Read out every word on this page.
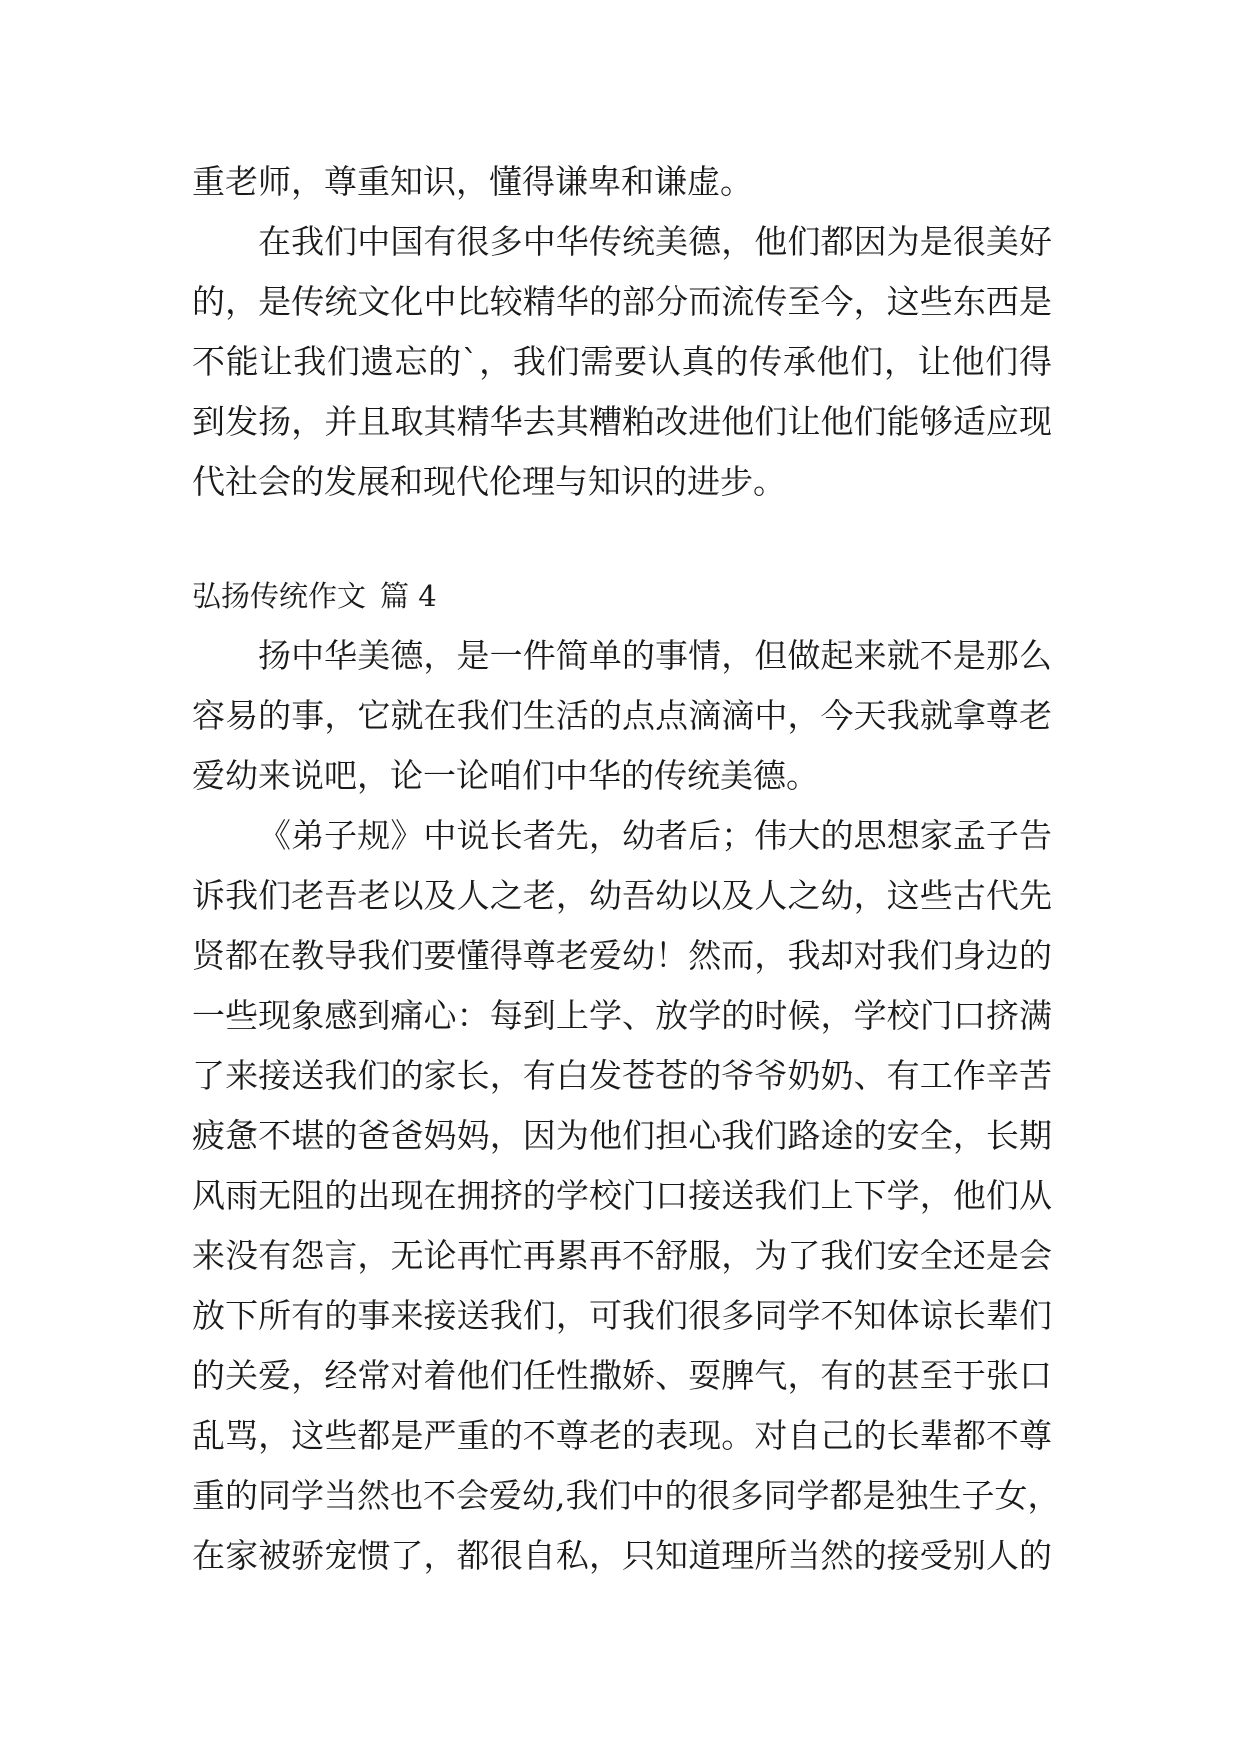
重老师，尊重知识，懂得谦卑和谦虚。
在我们中国有很多中华传统美德，他们都因为是很美好
的，是传统文化中比较精华的部分而流传至今，这些东西是
不能让我们遗忘的`，我们需要认真的传承他们，让他们得
到发扬，并且取其精华去其糟粕改进他们让他们能够适应现
代社会的发展和现代伦理与知识的进步。
弘扬传统作文 篇 4
扬中华美德，是一件简单的事情，但做起来就不是那么
容易的事，它就在我们生活的点点滴滴中，今天我就拿尊老
爱幼来说吧，论一论咱们中华的传统美德。
《弟子规》中说长者先，幼者后；伟大的思想家孟子告
诉我们老吾老以及人之老，幼吾幼以及人之幼，这些古代先
贤都在教导我们要懂得尊老爱幼！然而，我却对我们身边的
一些现象感到痛心：每到上学、放学的时候，学校门口挤满
了来接送我们的家长，有白发苍苍的爷爷奶奶、有工作辛苦
疲惫不堪的爸爸妈妈，因为他们担心我们路途的安全，长期
风雨无阻的出现在拥挤的学校门口接送我们上下学，他们从
来没有怨言，无论再忙再累再不舒服，为了我们安全还是会
放下所有的事来接送我们，可我们很多同学不知体谅长辈们
的关爱，经常对着他们任性撒娇、耍脾气，有的甚至于张口
乱骂，这些都是严重的不尊老的表现。对自己的长辈都不尊
重的同学当然也不会爱幼,我们中的很多同学都是独生子女，
在家被骄宠惯了，都很自私，只知道理所当然的接受别人的
